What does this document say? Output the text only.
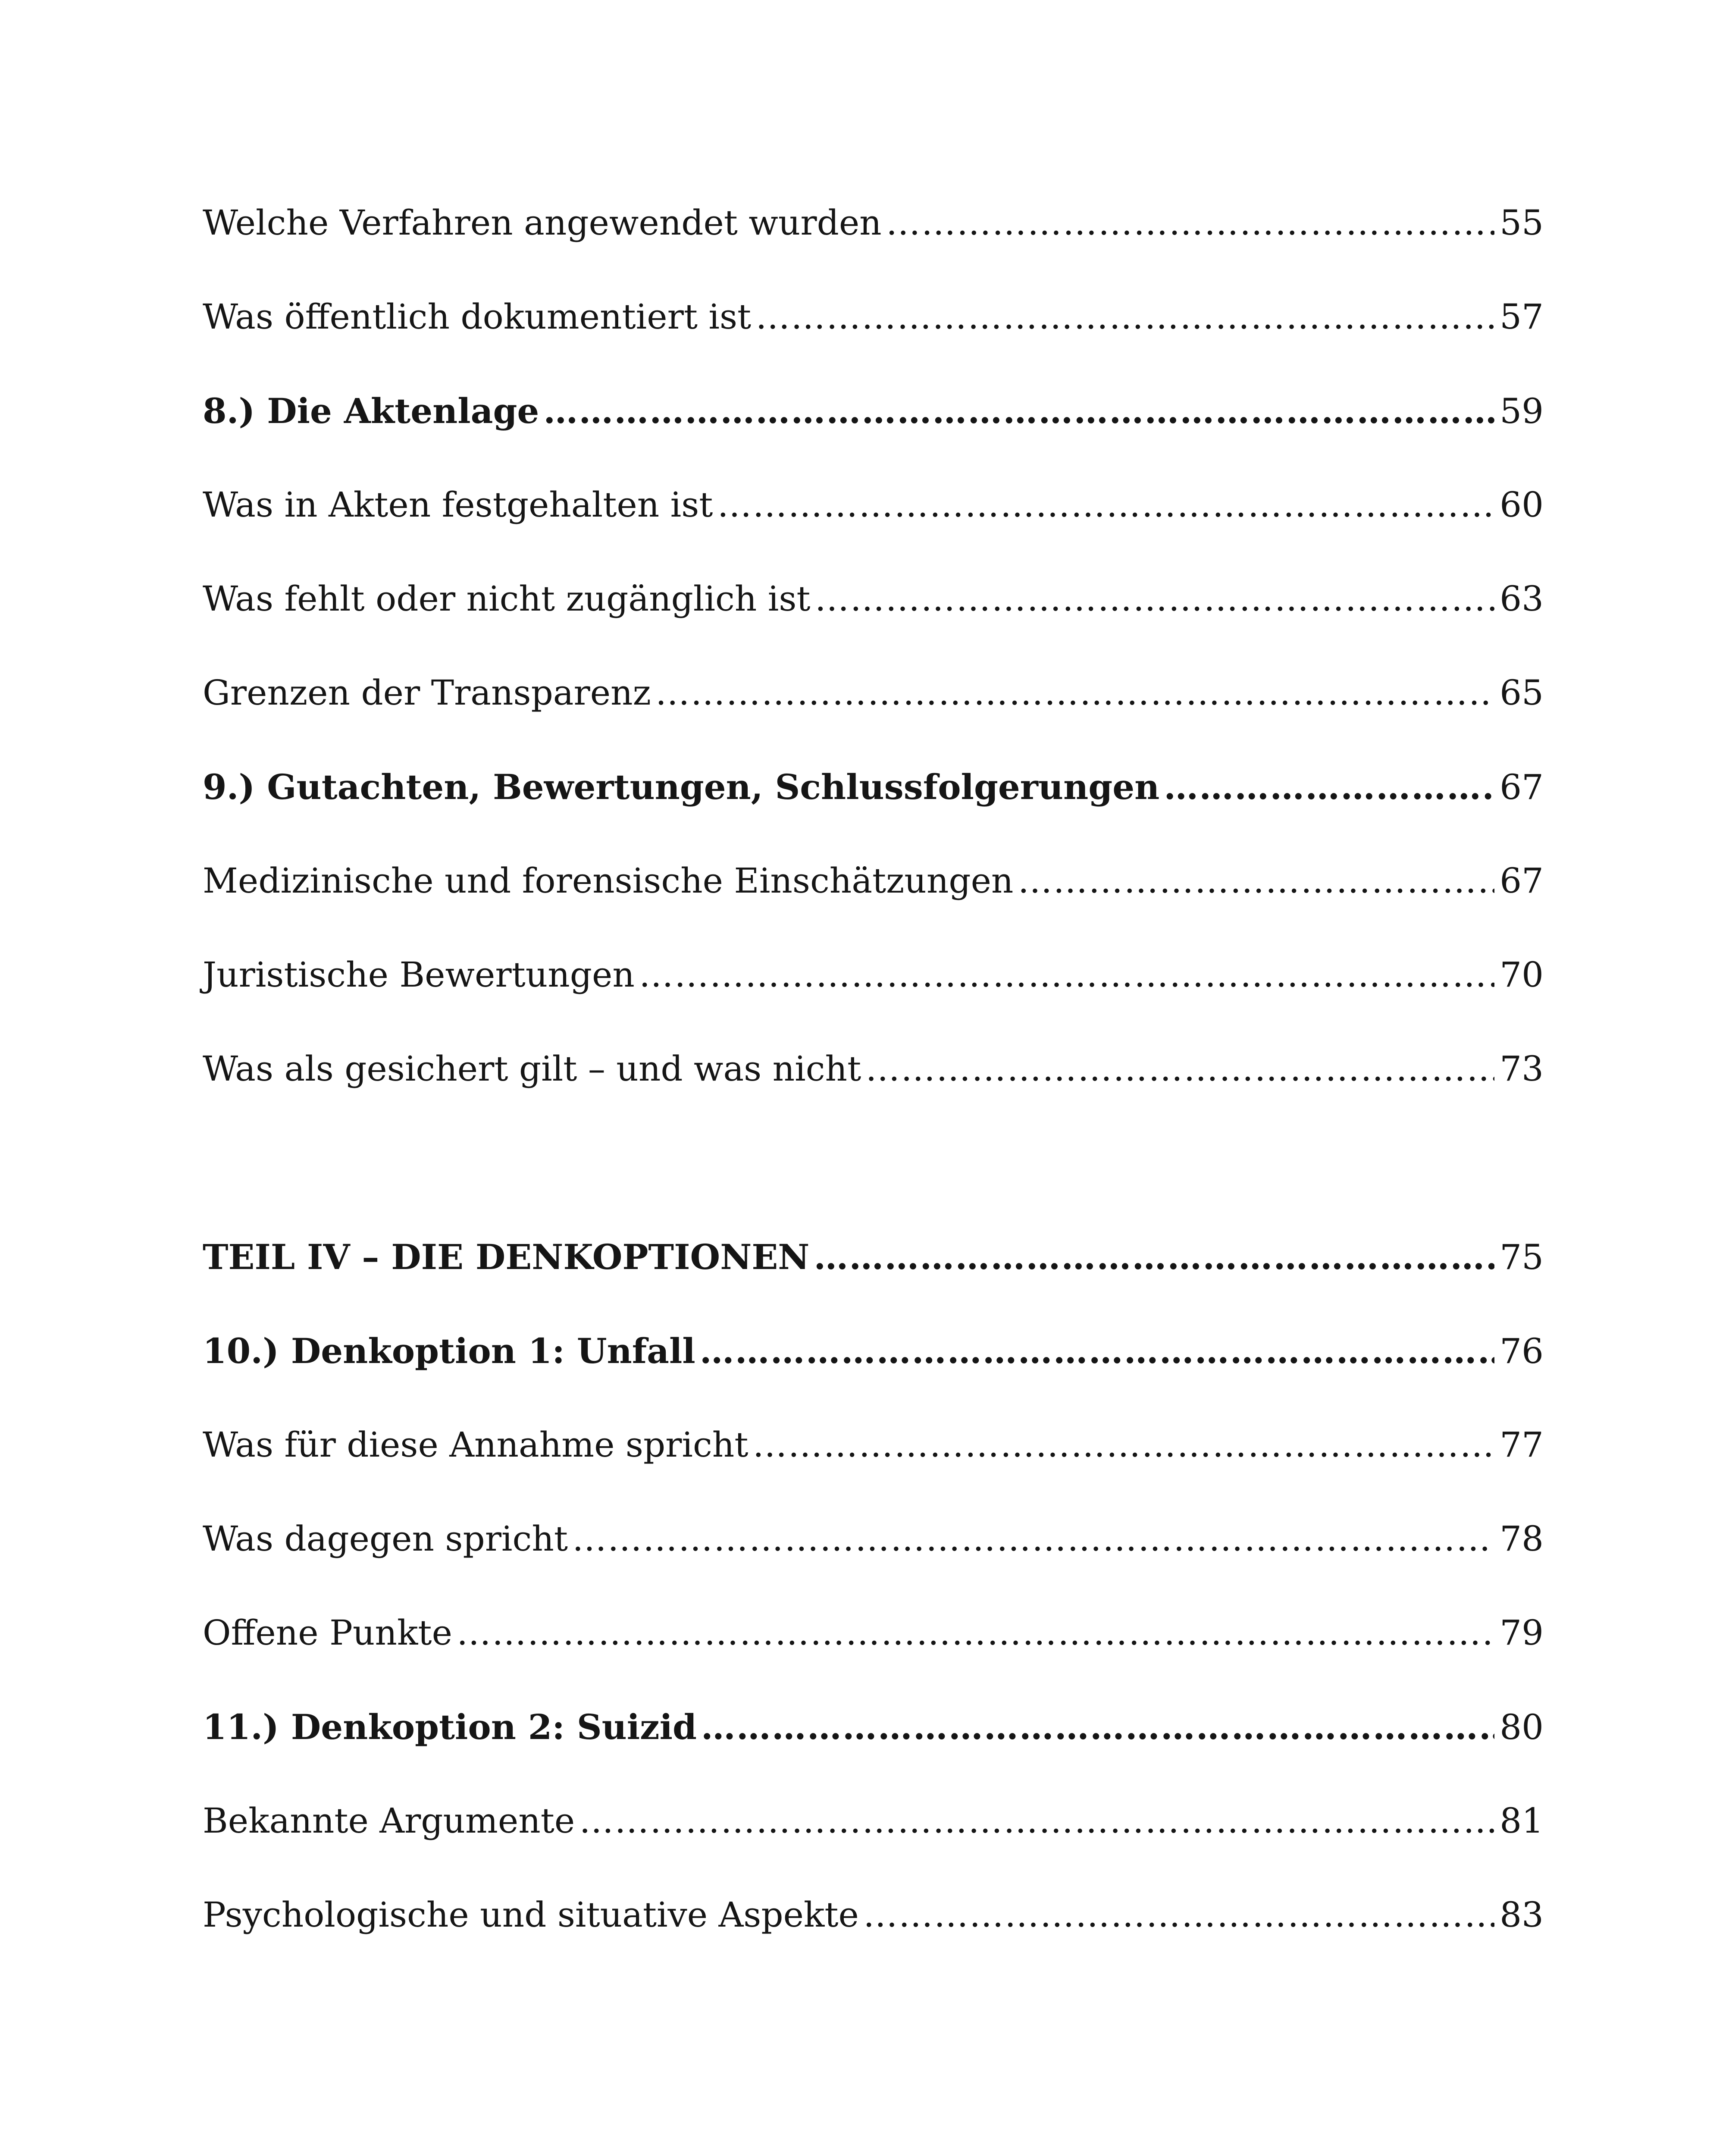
Welche Verfahren angewendet wurden ………………………………………………………………………………………………………………………………………………………………………………………………………………………………	55
Was öffentlich dokumentiert ist ………………………………………………………………………………………………………………………………………………………………………………………………………………………………	57
8.) Die Aktenlage ………………………………………………………………………………………………………………………………………………………………………………………………………………………………	59
Was in Akten festgehalten ist ………………………………………………………………………………………………………………………………………………………………………………………………………………………………	60
Was fehlt oder nicht zugänglich ist ………………………………………………………………………………………………………………………………………………………………………………………………………………………………	63
Grenzen der Transparenz ………………………………………………………………………………………………………………………………………………………………………………………………………………………………	65
9.) Gutachten, Bewertungen, Schlussfolgerungen ………………………………………………………………………………………………………………………………………………………………………………………………………………………………	67
Medizinische und forensische Einschätzungen ………………………………………………………………………………………………………………………………………………………………………………………………………………………………	67
Juristische Bewertungen ………………………………………………………………………………………………………………………………………………………………………………………………………………………………	70
Was als gesichert gilt – und was nicht ………………………………………………………………………………………………………………………………………………………………………………………………………………………………	73
TEIL IV – DIE DENKOPTIONEN ………………………………………………………………………………………………………………………………………………………………………………………………………………………………	75
10.) Denkoption 1: Unfall ………………………………………………………………………………………………………………………………………………………………………………………………………………………………	76
Was für diese Annahme spricht ………………………………………………………………………………………………………………………………………………………………………………………………………………………………	77
Was dagegen spricht ………………………………………………………………………………………………………………………………………………………………………………………………………………………………	78
Offene Punkte ………………………………………………………………………………………………………………………………………………………………………………………………………………………………	79
11.) Denkoption 2: Suizid ………………………………………………………………………………………………………………………………………………………………………………………………………………………………	80
Bekannte Argumente ………………………………………………………………………………………………………………………………………………………………………………………………………………………………	81
Psychologische und situative Aspekte ………………………………………………………………………………………………………………………………………………………………………………………………………………………………	83
